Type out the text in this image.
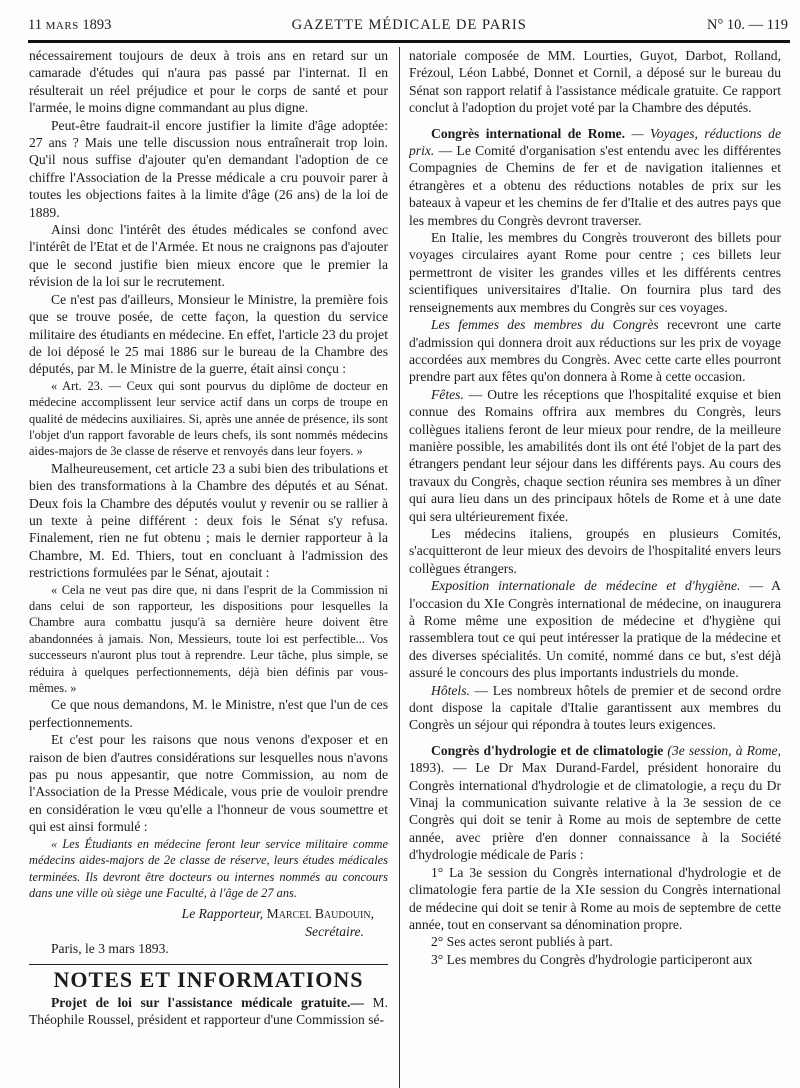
11 MARS 1893	GAZETTE MÉDICALE DE PARIS	N° 10. — 119

nécessairement toujours de deux à trois ans en retard sur un camarade d'études qui n'aura pas passé par l'internat. Il en résulterait un réel préjudice et pour le corps de santé et pour l'armée, le moins digne commandant au plus digne.

Peut-être faudrait-il encore justifier la limite d'âge adoptée: 27 ans ? Mais une telle discussion nous entraînerait trop loin. Qu'il nous suffise d'ajouter qu'en demandant l'adoption de ce chiffre l'Association de la Presse médicale a cru pouvoir parer à toutes les objections faites à la limite d'âge (26 ans) de la loi de 1889.

Ainsi donc l'intérêt des études médicales se confond avec l'intérêt de l'Etat et de l'Armée. Et nous ne craignons pas d'ajouter que le second justifie bien mieux encore que le premier la révision de la loi sur le recrutement.

Ce n'est pas d'ailleurs, Monsieur le Ministre, la première fois que se trouve posée, de cette façon, la question du service militaire des étudiants en médecine. En effet, l'article 23 du projet de loi déposé le 25 mai 1886 sur le bureau de la Chambre des députés, par M. le Ministre de la guerre, était ainsi conçu :

« Art. 23. — Ceux qui sont pourvus du diplôme de docteur en médecine accomplissent leur service actif dans un corps de troupe en qualité de médecins auxiliaires. Si, après une année de présence, ils sont l'objet d'un rapport favorable de leurs chefs, ils sont nommés médecins aides-majors de 3e classe de réserve et renvoyés dans leur foyers. »

Malheureusement, cet article 23 a subi bien des tribulations et bien des transformations à la Chambre des députés et au Sénat. Deux fois la Chambre des députés voulut y revenir ou se rallier à un texte à peine différent : deux fois le Sénat s'y refusa. Finalement, rien ne fut obtenu ; mais le dernier rapporteur à la Chambre, M. Ed. Thiers, tout en concluant à l'admission des restrictions formulées par le Sénat, ajoutait :

« Cela ne veut pas dire que, ni dans l'esprit de la Commission ni dans celui de son rapporteur, les dispositions pour lesquelles la Chambre aura combattu jusqu'à sa dernière heure doivent être abandonnées à jamais. Non, Messieurs, toute loi est perfectible... Vos successeurs n'auront plus tout à reprendre. Leur tâche, plus simple, se réduira à quelques perfectionnements, déjà bien définis par vous-mêmes. »

Ce que nous demandons, M. le Ministre, n'est que l'un de ces perfectionnements.

Et c'est pour les raisons que nous venons d'exposer et en raison de bien d'autres considérations sur lesquelles nous n'avons pas pu nous appesantir, que notre Commission, au nom de l'Association de la Presse Médicale, vous prie de vouloir prendre en considération le vœu qu'elle a l'honneur de vous soumettre et qui est ainsi formulé :

« Les Étudiants en médecine feront leur service militaire comme médecins aides-majors de 2e classe de réserve, leurs études médicales terminées. Ils devront être docteurs ou internes nommés au concours dans une ville où siège une Faculté, à l'âge de 27 ans.

Le Rapporteur, Marcel Baudouin,
Secrétaire.

Paris, le 3 mars 1893.

NOTES ET INFORMATIONS

Projet de loi sur l'assistance médicale gratuite.— M. Théophile Roussel, président et rapporteur d'une Commission sé-

natoriale composée de MM. Lourties, Guyot, Darbot, Rolland, Frézoul, Léon Labbé, Donnet et Cornil, a déposé sur le bureau du Sénat son rapport relatif à l'assistance médicale gratuite. Ce rapport conclut à l'adoption du projet voté par la Chambre des députés.

Congrès international de Rome. — Voyages, réductions de prix. — Le Comité d'organisation s'est entendu avec les différentes Compagnies de Chemins de fer et de navigation italiennes et étrangères et a obtenu des réductions notables de prix sur les bateaux à vapeur et les chemins de fer d'Italie et des autres pays que les membres du Congrès devront traverser.

En Italie, les membres du Congrès trouveront des billets pour voyages circulaires ayant Rome pour centre ; ces billets leur permettront de visiter les grandes villes et les différents centres scientifiques universitaires d'Italie. On fournira plus tard des renseignements aux membres du Congrès sur ces voyages.

Les femmes des membres du Congrès recevront une carte d'admission qui donnera droit aux réductions sur les prix de voyage accordées aux membres du Congrès. Avec cette carte elles pourront prendre part aux fêtes qu'on donnera à Rome à cette occasion.

Fêtes. — Outre les réceptions que l'hospitalité exquise et bien connue des Romains offrira aux membres du Congrès, leurs collègues italiens feront de leur mieux pour rendre, de la meilleure manière possible, les amabilités dont ils ont été l'objet de la part des étrangers pendant leur séjour dans les différents pays. Au cours des travaux du Congrès, chaque section réunira ses membres à un dîner qui aura lieu dans un des principaux hôtels de Rome et à une date qui sera ultérieurement fixée.

Les médecins italiens, groupés en plusieurs Comités, s'acquitteront de leur mieux des devoirs de l'hospitalité envers leurs collègues étrangers.

Exposition internationale de médecine et d'hygiène. — A l'occasion du XIe Congrès international de médecine, on inaugurera à Rome même une exposition de médecine et d'hygiène qui rassemblera tout ce qui peut intéresser la pratique de la médecine et des diverses spécialités. Un comité, nommé dans ce but, s'est déjà assuré le concours des plus importants industriels du monde.

Hôtels. — Les nombreux hôtels de premier et de second ordre dont dispose la capitale d'Italie garantissent aux membres du Congrès un séjour qui répondra à toutes leurs exigences.

Congrès d'hydrologie et de climatologie (3e session, à Rome, 1893). — Le Dr Max Durand-Fardel, président honoraire du Congrès international d'hydrologie et de climatologie, a reçu du Dr Vinaj la communication suivante relative à la 3e session de ce Congrès qui doit se tenir à Rome au mois de septembre de cette année, avec prière d'en donner connaissance à la Société d'hydrologie médicale de Paris :

1° La 3e session du Congrès international d'hydrologie et de climatologie fera partie de la XIe session du Congrès international de médecine qui doit se tenir à Rome au mois de septembre de cette année, tout en conservant sa dénomination propre.

2° Ses actes seront publiés à part.

3° Les membres du Congrès d'hydrologie participeront aux
